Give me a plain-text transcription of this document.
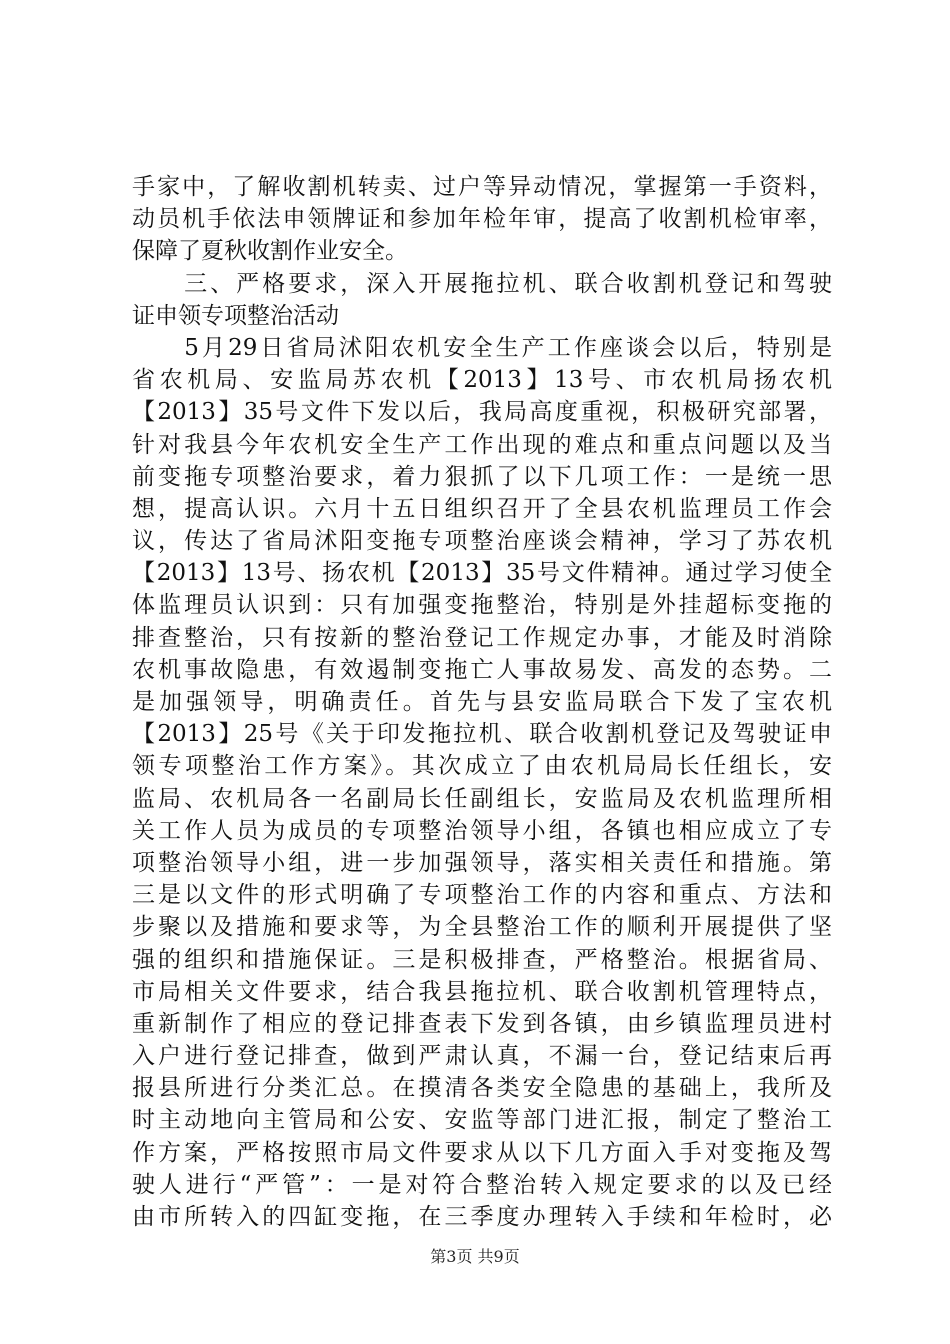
手家中，了解收割机转卖、过户等异动情况，掌握第一手资料，
动员机手依法申领牌证和参加年检年审，提高了收割机检审率，
保障了夏秋收割作业安全。
　　三、严格要求，深入开展拖拉机、联合收割机登记和驾驶
证申领专项整治活动
　　5月29日省局沭阳农机安全生产工作座谈会以后，特别是
省农机局、安监局苏农机【2013】13号、市农机局扬农机
【2013】35号文件下发以后，我局高度重视，积极研究部署，
针对我县今年农机安全生产工作出现的难点和重点问题以及当
前变拖专项整治要求，着力狠抓了以下几项工作：一是统一思
想，提高认识。六月十五日组织召开了全县农机监理员工作会
议，传达了省局沭阳变拖专项整治座谈会精神，学习了苏农机
【2013】13号、扬农机【2013】35号文件精神。通过学习使全
体监理员认识到：只有加强变拖整治，特别是外挂超标变拖的
排查整治，只有按新的整治登记工作规定办事，才能及时消除
农机事故隐患，有效遏制变拖亡人事故易发、高发的态势。二
是加强领导，明确责任。首先与县安监局联合下发了宝农机
【2013】25号《关于印发拖拉机、联合收割机登记及驾驶证申
领专项整治工作方案》。其次成立了由农机局局长任组长，安
监局、农机局各一名副局长任副组长，安监局及农机监理所相
关工作人员为成员的专项整治领导小组，各镇也相应成立了专
项整治领导小组，进一步加强领导，落实相关责任和措施。第
三是以文件的形式明确了专项整治工作的内容和重点、方法和
步聚以及措施和要求等，为全县整治工作的顺利开展提供了坚
强的组织和措施保证。三是积极排查，严格整治。根据省局、
市局相关文件要求，结合我县拖拉机、联合收割机管理特点，
重新制作了相应的登记排查表下发到各镇，由乡镇监理员进村
入户进行登记排查，做到严肃认真，不漏一台，登记结束后再
报县所进行分类汇总。在摸清各类安全隐患的基础上，我所及
时主动地向主管局和公安、安监等部门进汇报，制定了整治工
作方案，严格按照市局文件要求从以下几方面入手对变拖及驾
驶人进行“严管”：一是对符合整治转入规定要求的以及已经
由市所转入的四缸变拖，在三季度办理转入手续和年检时，必
第3页 共9页
